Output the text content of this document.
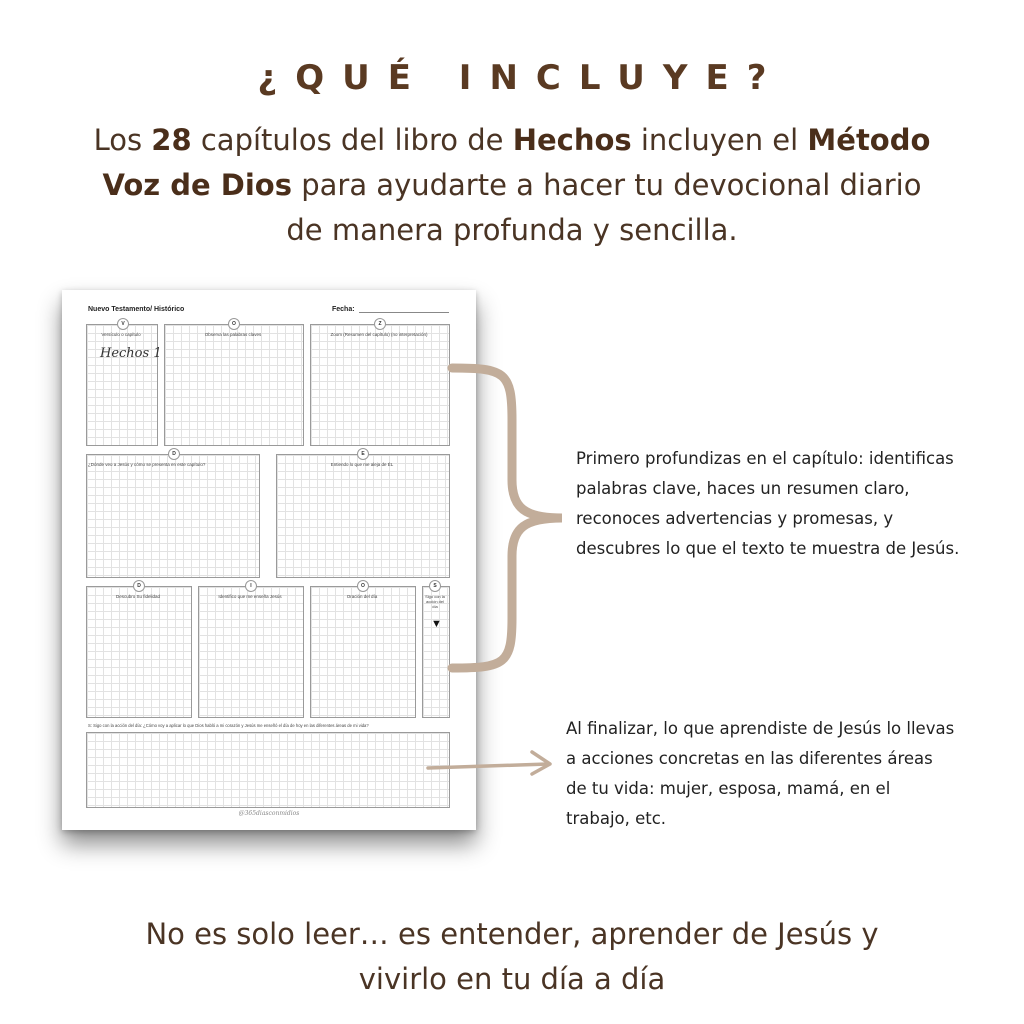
¿QUÉ INCLUYE?
Los 28 capítulos del libro de Hechos incluyen el Método Voz de Dios para ayudarte a hacer tu devocional diario de manera profunda y sencilla.
Nuevo Testamento/ Histórico	Fecha:
V
Versículo o capítulo
Hechos 1
O
Observa las palabras claves
Z
Zoom (Resumen del capítulo) (no interpretación)
D
¿Dónde veo a Jesús y cómo se presenta en este capítulo?
E
Entiendo lo que me aleja de ÉL
D
Descubro Su fidelidad
I
Identifico que me enseña Jesús
O
Oración del día
S
Sigo con la acción del día
▼
S: Sigo con la acción del día: ¿Cómo voy a aplicar lo que Dios habló a mi corazón y Jesús me enseñó el día de hoy en las diferentes áreas de mi vida?
@365diasconmidios
Primero profundizas en el capítulo: identificas palabras clave, haces un resumen claro, reconoces advertencias y promesas, y descubres lo que el texto te muestra de Jesús.
Al finalizar, lo que aprendiste de Jesús lo llevas a acciones concretas en las diferentes áreas de tu vida: mujer, esposa, mamá, en el trabajo, etc.
No es solo leer… es entender, aprender de Jesús y vivirlo en tu día a día
